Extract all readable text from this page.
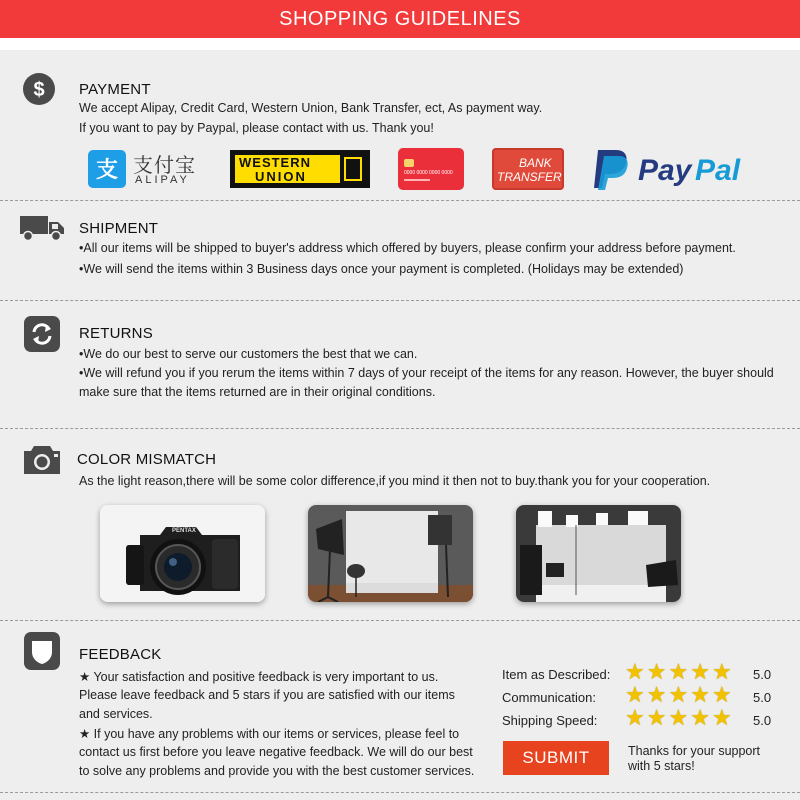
SHOPPING GUIDELINES
$ PAYMENT
We accept Alipay, Credit Card, Western Union, Bank Transfer, ect, As payment way.
If you want to pay by Paypal, please contact with us. Thank you!
支 支付宝
ALIPAY
WESTERN
UNION	0000 0000 0000 0000
BANK
TRANSFER	Pay Pal
SHIPMENT
•All our items will be shipped to buyer's address which offered by buyers, please confirm your address before payment.
•We will send the items within 3 Business days once your payment is completed. (Holidays may be extended)
RETURNS
•We do our best to serve our customers the best that we can.
•We will refund you if you rerum the items within 7 days of your receipt of the items for any reason. However, the buyer should
make sure that the items returned are in their original conditions.
COLOR MISMATCH
As the light reason,there will be some color difference,if you mind it then not to buy.thank you for your cooperation.
PENTAX
FEEDBACK
★ Your satisfaction and positive feedback is very important to us.
Please leave feedback and 5 stars if you are satisfied with our items
and services.
★ If you have any problems with our items or services, please feel to
contact us first before you leave negative feedback. We will do our best
to solve any problems and provide you with the best customer services.
Item as Described: ★★★★★ 5.0
Communication: ★★★★★ 5.0
Shipping Speed: ★★★★★ 5.0
SUBMIT	Thanks for your support
with 5 stars!
